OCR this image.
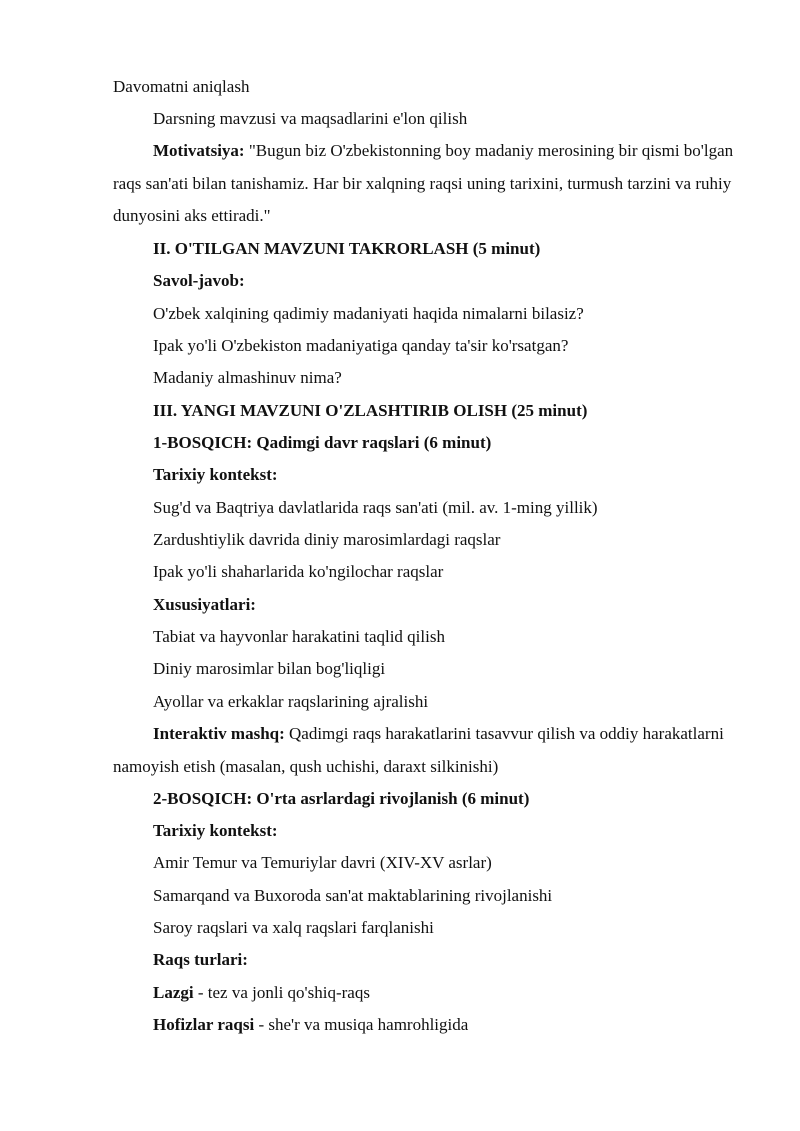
Davomatni aniqlash
Darsning mavzusi va maqsadlarini e'lon qilish
Motivatsiya: "Bugun biz O'zbekistonning boy madaniy merosining bir qismi bo'lgan raqs san'ati bilan tanishamiz. Har bir xalqning raqsi uning tarixini, turmush tarzini va ruhiy dunyosini aks ettiradi."
II. O'TILGAN MAVZUNI TAKRORLASH (5 minut)
Savol-javob:
O'zbek xalqining qadimiy madaniyati haqida nimalarni bilasiz?
Ipak yo'li O'zbekiston madaniyatiga qanday ta'sir ko'rsatgan?
Madaniy almashinuv nima?
III. YANGI MAVZUNI O'ZLASHTIRIB OLISH (25 minut)
1-BOSQICH: Qadimgi davr raqslari (6 minut)
Tarixiy kontekst:
Sug'd va Baqtriya davlatlarida raqs san'ati (mil. av. 1-ming yillik)
Zardushtiylik davrida diniy marosimlardagi raqslar
Ipak yo'li shaharlarida ko'ngilochar raqslar
Xususiyatlari:
Tabiat va hayvonlar harakatini taqlid qilish
Diniy marosimlar bilan bog'liqligi
Ayollar va erkaklar raqslarining ajralishi
Interaktiv mashq: Qadimgi raqs harakatlarini tasavvur qilish va oddiy harakatlarni namoyish etish (masalan, qush uchishi, daraxt silkinishi)
2-BOSQICH: O'rta asrlardagi rivojlanish (6 minut)
Tarixiy kontekst:
Amir Temur va Temuriylar davri (XIV-XV asrlar)
Samarqand va Buxoroda san'at maktablarining rivojlanishi
Saroy raqslari va xalq raqslari farqlanishi
Raqs turlari:
Lazgi - tez va jonli qo'shiq-raqs
Hofizlar raqsi - she'r va musiqa hamrohligida
